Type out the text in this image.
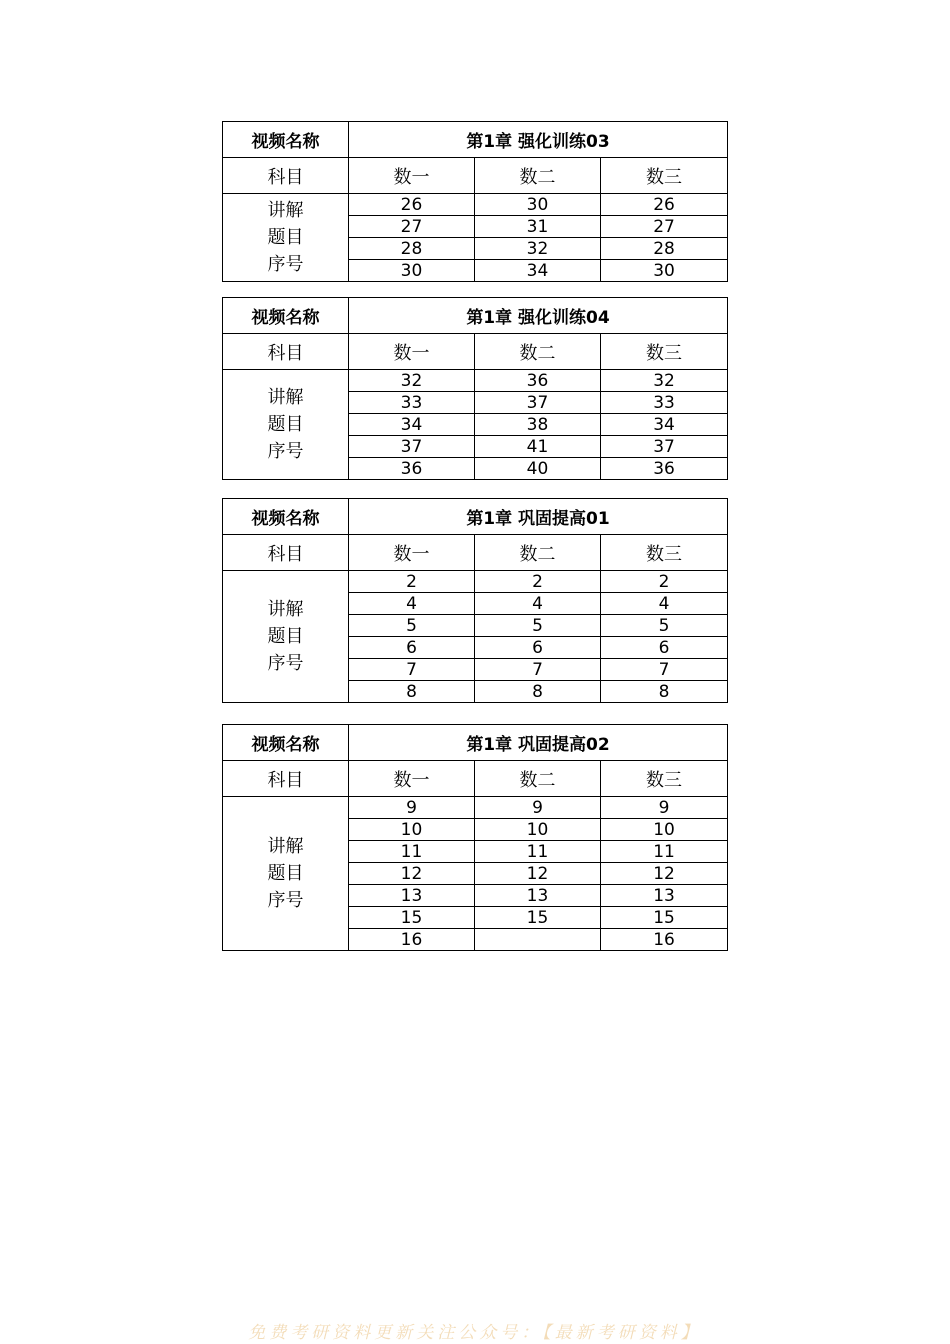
视频名称	第1章 强化训练03		
科目	数一	数二	数三

讲解
题目
序号	26	30	26
	27	31	27
	28	32	28
	30	34	30
视频名称	第1章 强化训练04		
科目	数一	数二	数三

讲解
题目
序号	32	36	32
	33	37	33
	34	38	34
	37	41	37
	36	40	36
视频名称	第1章 巩固提高01		
科目	数一	数二	数三

讲解
题目
序号	2	2	2
	4	4	4
	5	5	5
	6	6	6
	7	7	7
	8	8	8
视频名称	第1章 巩固提高02		
科目	数一	数二	数三

讲解
题目
序号	9	9	9
	10	10	10
	11	11	11
	12	12	12
	13	13	13
	15	15	15
	16		16
免费考研资料更新关注公众号：【最新考研资料】
